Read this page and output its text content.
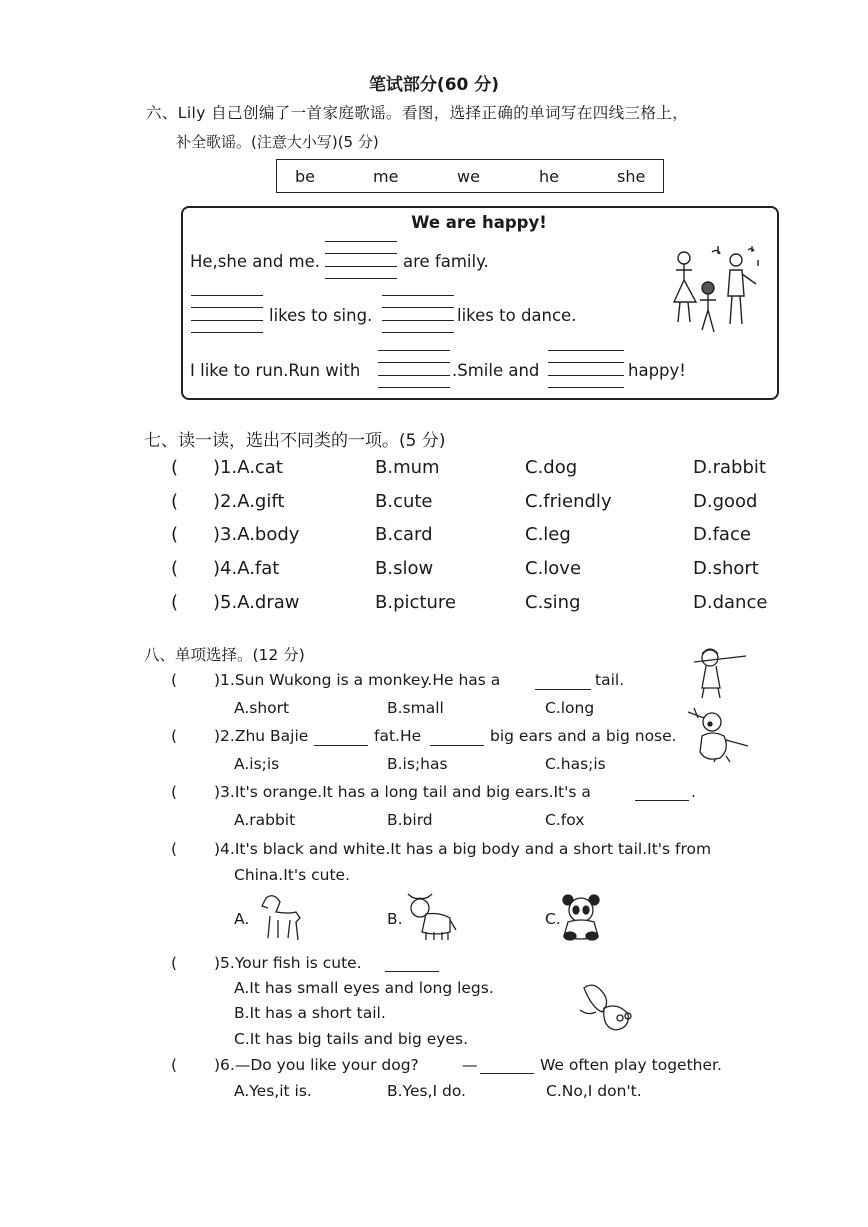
笔试部分(60 分)
六、Lily 自己创编了一首家庭歌谣。看图，选择正确的单词写在四线三格上，
补全歌谣。(注意大小写)(5 分)
be	me	we	he	she
We are happy!
He,she and me.	are family.
likes to sing.	likes to dance.
I like to run.Run with	.Smile and	happy!
七、读一读，选出不同类的一项。(5 分)
( )1.A.cat	B.mum	C.dog	D.rabbit
( )2.A.gift	B.cute	C.friendly	D.good
( )3.A.body	B.card	C.leg	D.face
( )4.A.fat	B.slow	C.love	D.short
( )5.A.draw	B.picture	C.sing	D.dance
八、单项选择。(12 分)
( )1.Sun Wukong is a monkey.He has a	tail.
A.short	B.small	C.long
( )2.Zhu Bajie	fat.He	big ears and a big nose.
A.is;is	B.is;has	C.has;is
( )3.It's orange.It has a long tail and big ears.It's a	.
A.rabbit	B.bird	C.fox
( )4.It's black and white.It has a big body and a short tail.It's from
China.It's cute.
A.	B.	C.
( )5.Your fish is cute.
A.It has small eyes and long legs.
B.It has a short tail.
C.It has big tails and big eyes.
( )6.—Do you like your dog?	—	We often play together.
A.Yes,it is.	B.Yes,I do.	C.No,I don't.
